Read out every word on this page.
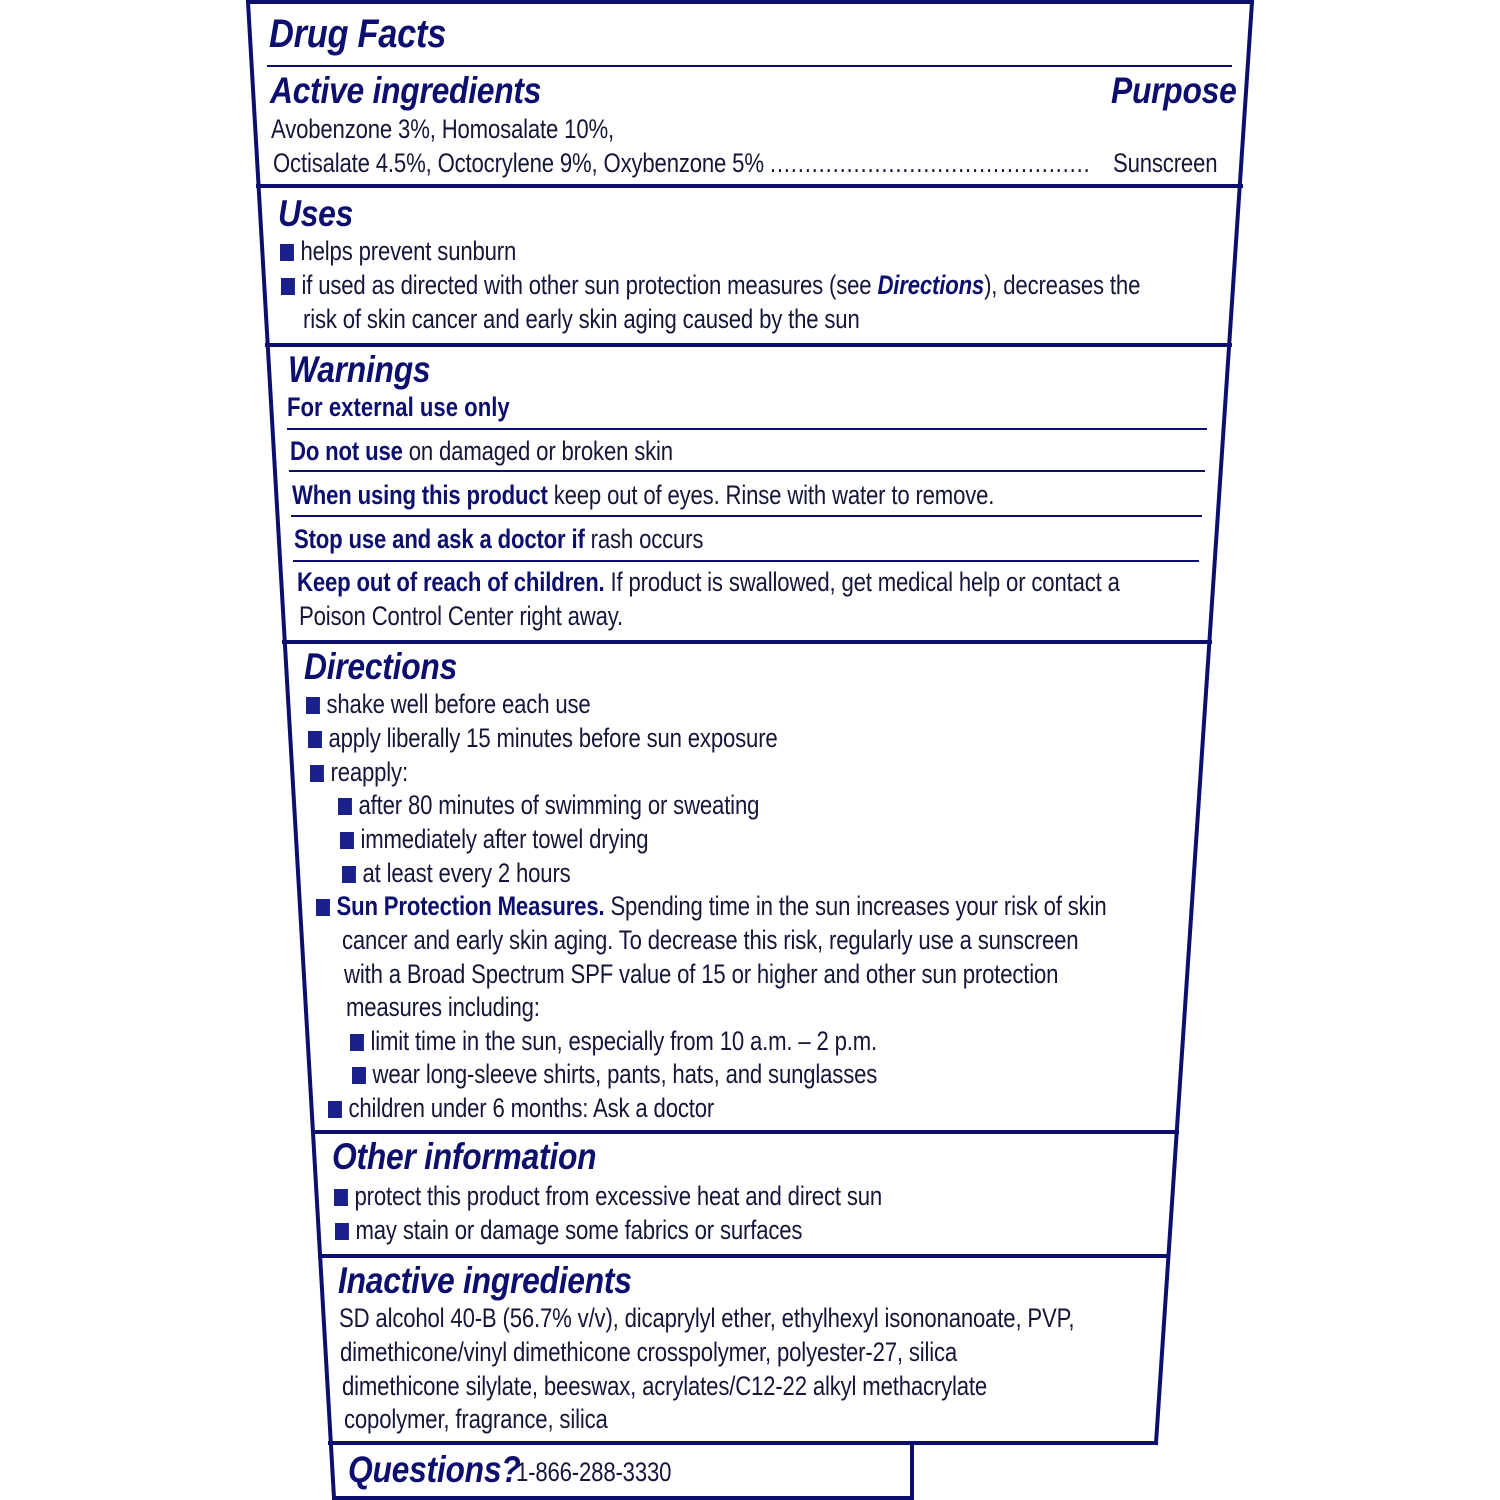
Drug Facts
Active ingredients	Purpose
Avobenzone 3%, Homosalate 10%,
Octisalate 4.5%, Octocrylene 9%, Oxybenzone 5% .............................................. Sunscreen
Uses
helps prevent sunburn
if used as directed with other sun protection measures (see Directions), decreases the
risk of skin cancer and early skin aging caused by the sun
Warnings
For external use only
Do not use on damaged or broken skin
When using this product keep out of eyes. Rinse with water to remove.
Stop use and ask a doctor if rash occurs
Keep out of reach of children. If product is swallowed, get medical help or contact a
Poison Control Center right away.
Directions
shake well before each use
apply liberally 15 minutes before sun exposure
reapply:
after 80 minutes of swimming or sweating
immediately after towel drying
at least every 2 hours
Sun Protection Measures. Spending time in the sun increases your risk of skin
cancer and early skin aging. To decrease this risk, regularly use a sunscreen
with a Broad Spectrum SPF value of 15 or higher and other sun protection
measures including:
limit time in the sun, especially from 10 a.m. – 2 p.m.
wear long-sleeve shirts, pants, hats, and sunglasses
children under 6 months: Ask a doctor
Other information
protect this product from excessive heat and direct sun
may stain or damage some fabrics or surfaces
Inactive ingredients
SD alcohol 40-B (56.7% v/v), dicaprylyl ether, ethylhexyl isononanoate, PVP,
dimethicone/vinyl dimethicone crosspolymer, polyester-27, silica
dimethicone silylate, beeswax, acrylates/C12-22 alkyl methacrylate
copolymer, fragrance, silica
Questions?
1-866-288-3330
